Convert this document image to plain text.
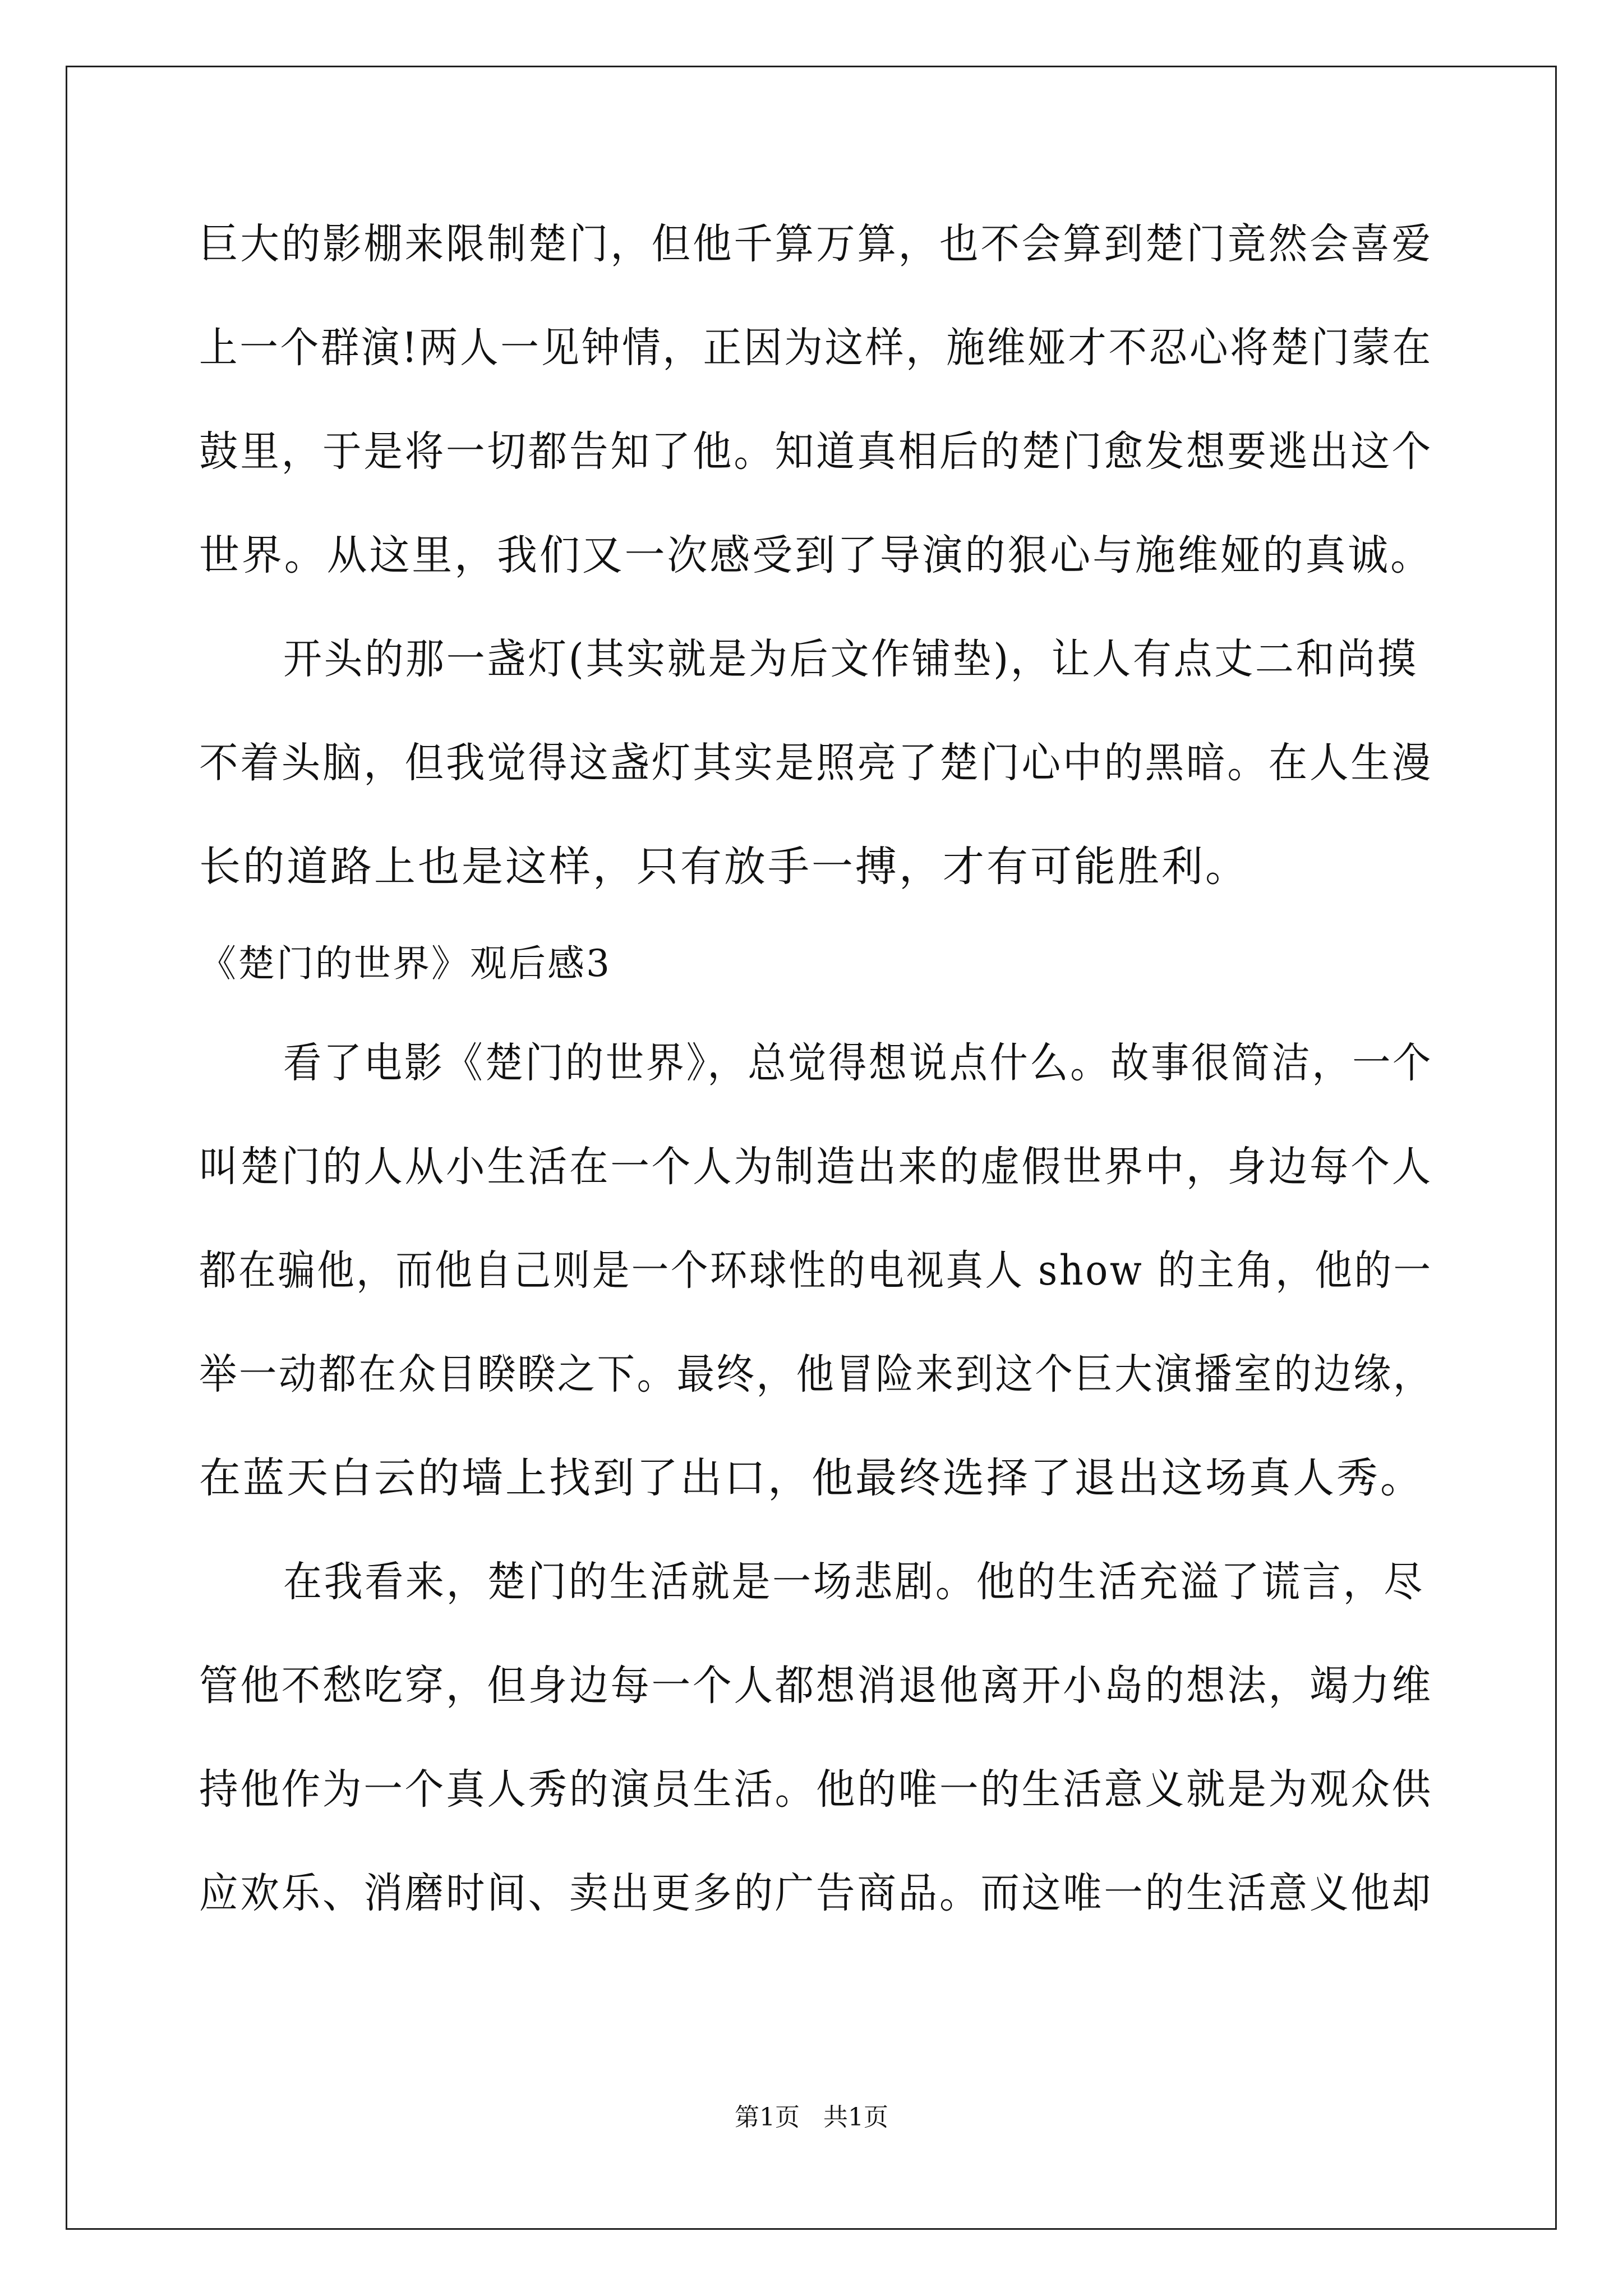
巨大的影棚来限制楚门，但他千算万算，也不会算到楚门竟然会喜爱
上一个群演!两人一见钟情，正因为这样，施维娅才不忍心将楚门蒙在
鼓里，于是将一切都告知了他。知道真相后的楚门愈发想要逃出这个
世界。从这里，我们又一次感受到了导演的狠心与施维娅的真诚。
开头的那一盏灯(其实就是为后文作铺垫)，让人有点丈二和尚摸
不着头脑，但我觉得这盏灯其实是照亮了楚门心中的黑暗。在人生漫
长的道路上也是这样，只有放手一搏，才有可能胜利。
《楚门的世界》观后感3
看了电影《楚门的世界》，总觉得想说点什么。故事很简洁，一个
叫楚门的人从小生活在一个人为制造出来的虚假世界中，身边每个人
都在骗他，而他自己则是一个环球性的电视真人 show 的主角，他的一
举一动都在众目睽睽之下。最终，他冒险来到这个巨大演播室的边缘，
在蓝天白云的墙上找到了出口，他最终选择了退出这场真人秀。
在我看来，楚门的生活就是一场悲剧。他的生活充溢了谎言，尽
管他不愁吃穿，但身边每一个人都想消退他离开小岛的想法，竭力维
持他作为一个真人秀的演员生活。他的唯一的生活意义就是为观众供
应欢乐、消磨时间、卖出更多的广告商品。而这唯一的生活意义他却
第1页   共1页
